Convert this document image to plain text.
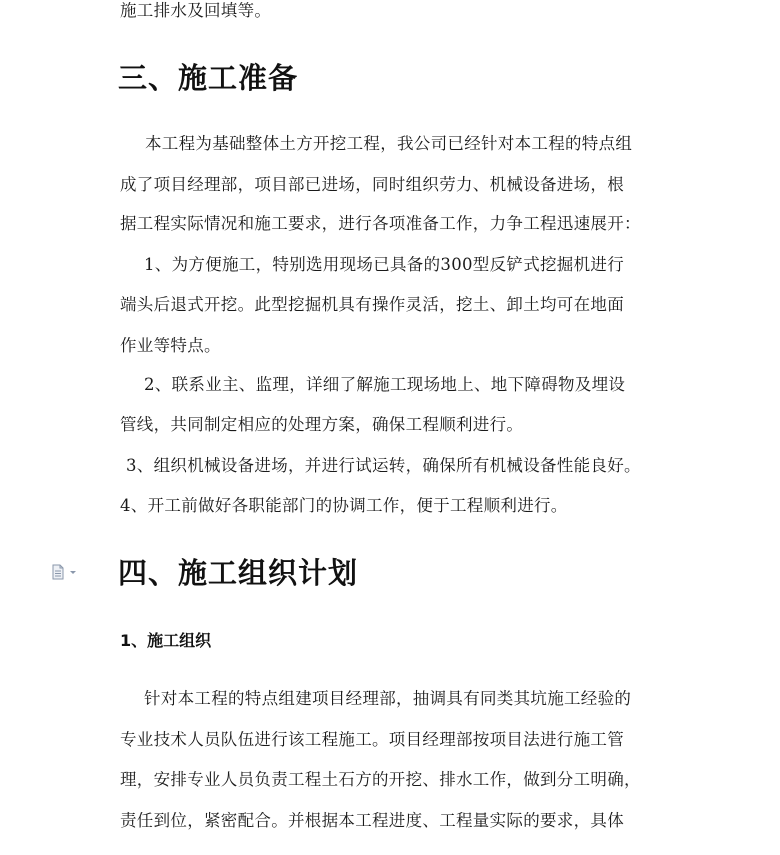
施工排水及回填等。
三、施工准备
本工程为基础整体土方开挖工程，我公司已经针对本工程的特点组
成了项目经理部，项目部已进场，同时组织劳力、机械设备进场，根
据工程实际情况和施工要求，进行各项准备工作，力争工程迅速展开：
1、为方便施工，特别选用现场已具备的300型反铲式挖掘机进行
端头后退式开挖。此型挖掘机具有操作灵活，挖土、卸土均可在地面
作业等特点。
2、联系业主、监理，详细了解施工现场地上、地下障碍物及埋设
管线，共同制定相应的处理方案，确保工程顺利进行。
3、组织机械设备进场，并进行试运转，确保所有机械设备性能良好。
4、开工前做好各职能部门的协调工作，便于工程顺利进行。
四、施工组织计划
1、施工组织
针对本工程的特点组建项目经理部，抽调具有同类其坑施工经验的
专业技术人员队伍进行该工程施工。项目经理部按项目法进行施工管
理，安排专业人员负责工程土石方的开挖、排水工作，做到分工明确，
责任到位，紧密配合。并根据本工程进度、工程量实际的要求，具体
